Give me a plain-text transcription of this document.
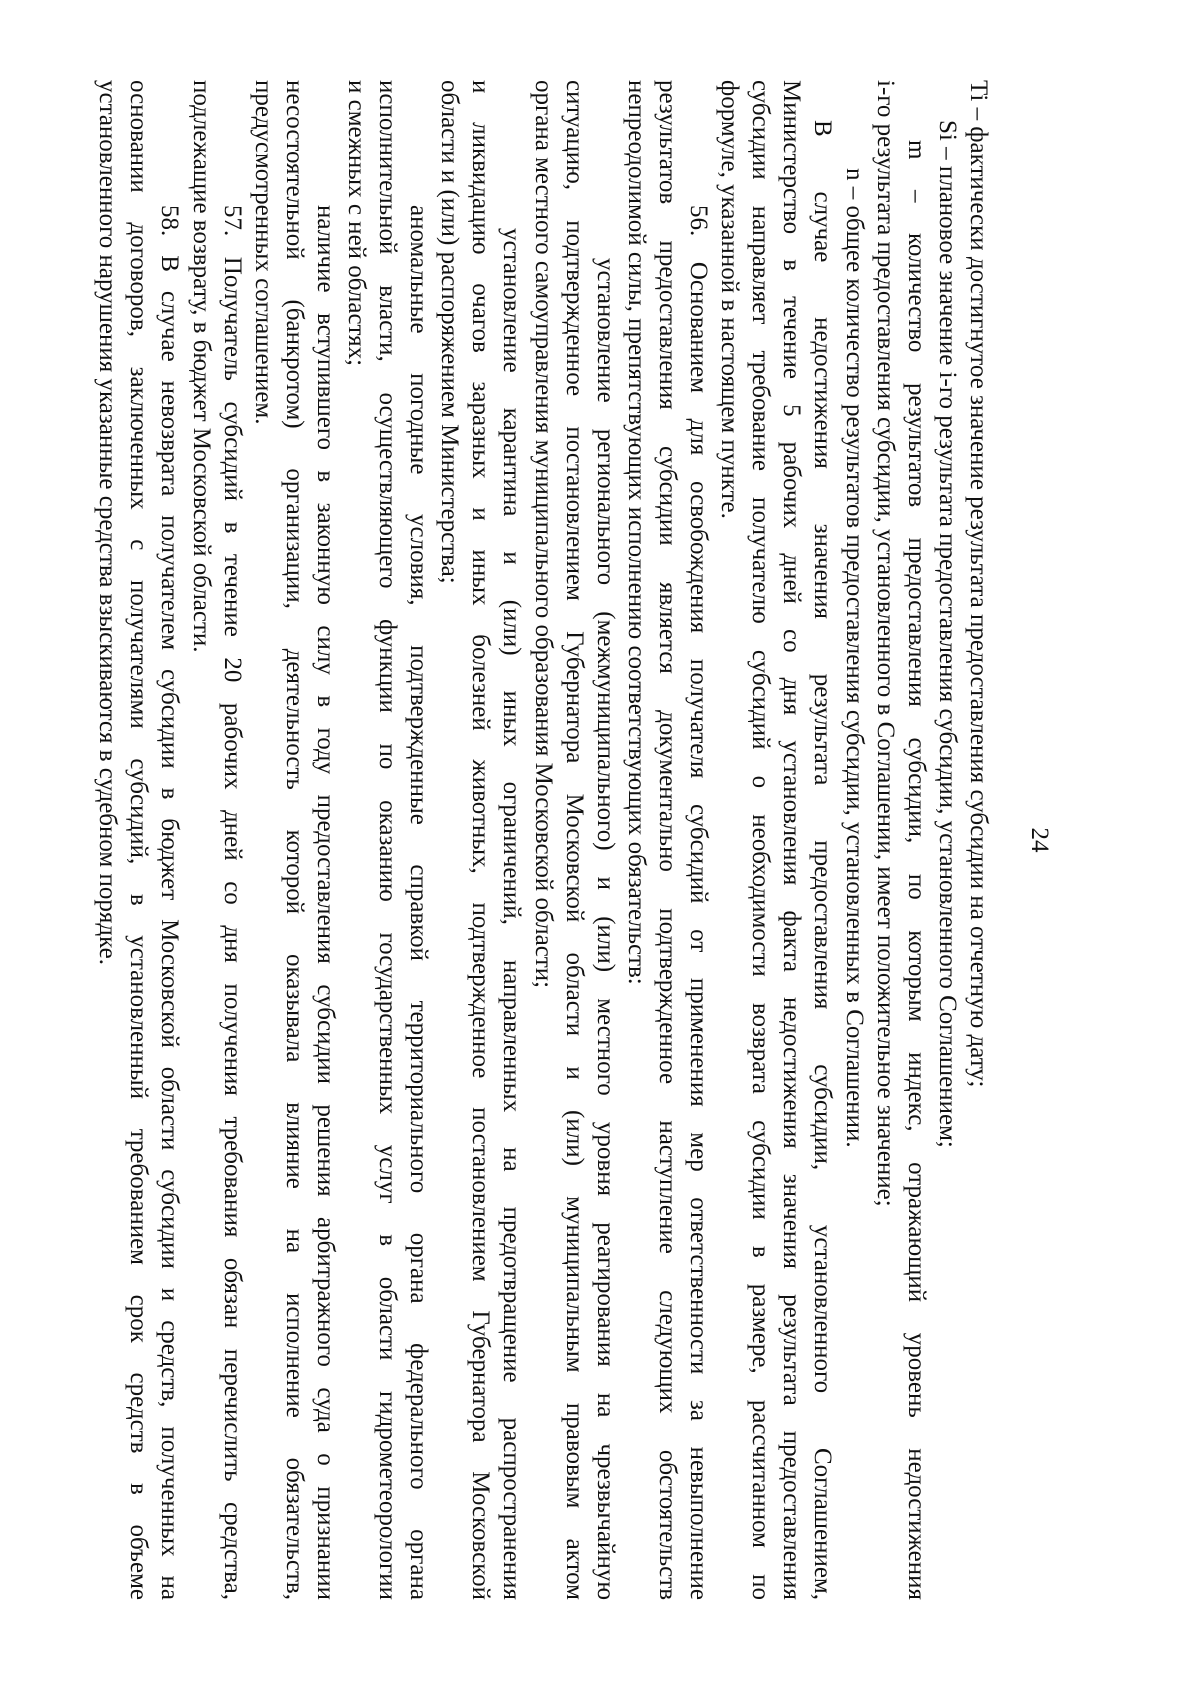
24
Ti – фактически достигнутое значение результата предоставления субсидии на отчетную дату;
Si – плановое значение i-го результата предоставления субсидии, установленного Соглашением;
m – количество результатов предоставления субсидии, по которым индекс, отражающий уровень недостижения
i-го результата предоставления субсидии, установленного в Соглашении, имеет положительное значение;
n – общее количество результатов предоставления субсидии, установленных в Соглашении.
В случае недостижения значения результата предоставления субсидии, установленного Соглашением,
Министерство в течение 5 рабочих дней со дня установления факта недостижения значения результата предоставления
субсидии направляет требование получателю субсидий о необходимости возврата субсидии в размере, рассчитанном по
формуле, указанной в настоящем пункте.
56. Основанием для освобождения получателя субсидий от применения мер ответственности за невыполнение
результатов предоставления субсидии является документально подтвержденное наступление следующих обстоятельств
непреодолимой силы, препятствующих исполнению соответствующих обязательств:
установление регионального (межмуниципального) и (или) местного уровня реагирования на чрезвычайную
ситуацию, подтвержденное постановлением Губернатора Московской области и (или) муниципальным правовым актом
органа местного самоуправления муниципального образования Московской области;
установление карантина и (или) иных ограничений, направленных на предотвращение распространения
и ликвидацию очагов заразных и иных болезней животных, подтвержденное постановлением Губернатора Московской
области и (или) распоряжением Министерства;
аномальные погодные условия, подтвержденные справкой территориального органа федерального органа
исполнительной власти, осуществляющего функции по оказанию государственных услуг в области гидрометеорологии
и смежных с ней областях;
наличие вступившего в законную силу в году предоставления субсидии решения арбитражного суда о признании
несостоятельной (банкротом) организации, деятельность которой оказывала влияние на исполнение обязательств,
предусмотренных соглашением.
57. Получатель субсидий в течение 20 рабочих дней со дня получения требования обязан перечислить средства,
подлежащие возврату, в бюджет Московской области.
58. В случае невозврата получателем субсидии в бюджет Московской области субсидии и средств, полученных на
основании договоров, заключенных с получателями субсидий, в установленный требованием срок средств в объеме
установленного нарушения указанные средства взыскиваются в судебном порядке.
